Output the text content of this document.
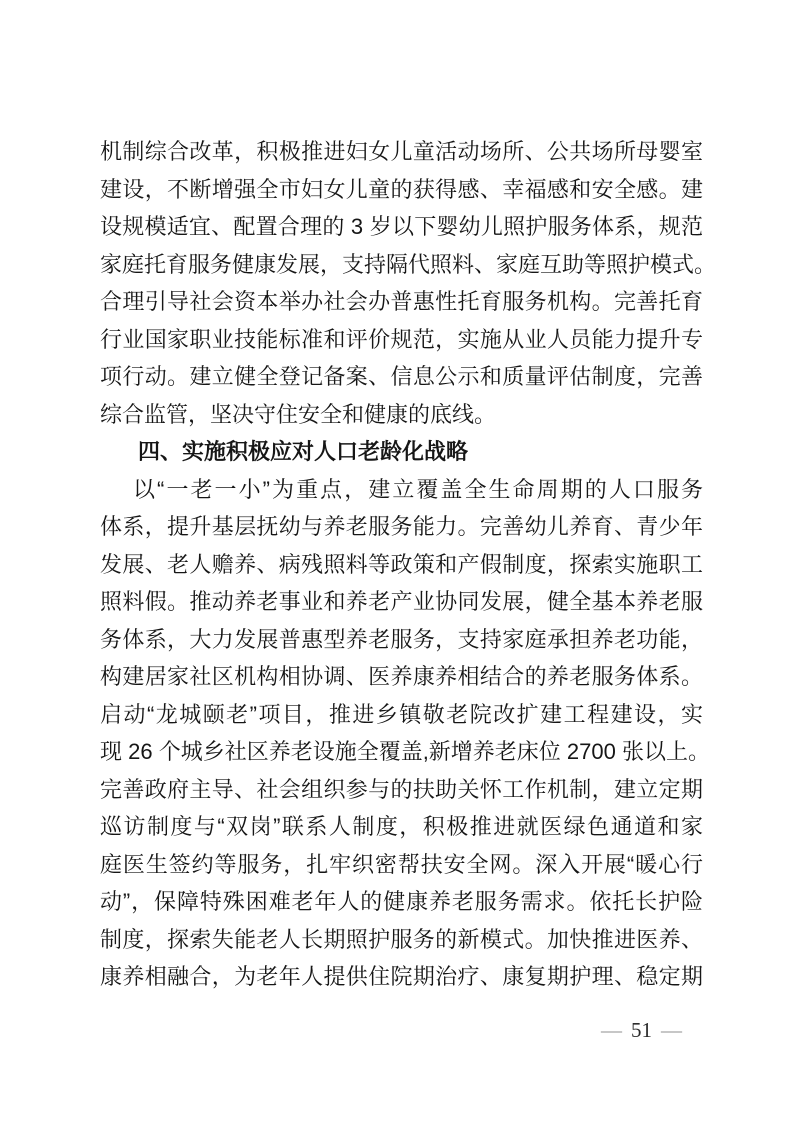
机制综合改革，积极推进妇女儿童活动场所、公共场所母婴室
建设，不断增强全市妇女儿童的获得感、幸福感和安全感。建
设规模适宜、配置合理的 3 岁以下婴幼儿照护服务体系，规范
家庭托育服务健康发展，支持隔代照料、家庭互助等照护模式。
合理引导社会资本举办社会办普惠性托育服务机构。完善托育
行业国家职业技能标准和评价规范，实施从业人员能力提升专
项行动。建立健全登记备案、信息公示和质量评估制度，完善
综合监管，坚决守住安全和健康的底线。
四、实施积极应对人口老龄化战略
以“一老一小”为重点，建立覆盖全生命周期的人口服务
体系，提升基层抚幼与养老服务能力。完善幼儿养育、青少年
发展、老人赡养、病残照料等政策和产假制度，探索实施职工
照料假。推动养老事业和养老产业协同发展，健全基本养老服
务体系，大力发展普惠型养老服务，支持家庭承担养老功能，
构建居家社区机构相协调、医养康养相结合的养老服务体系。
启动“龙城颐老”项目，推进乡镇敬老院改扩建工程建设，实
现 26 个城乡社区养老设施全覆盖,新增养老床位 2700 张以上。
完善政府主导、社会组织参与的扶助关怀工作机制，建立定期
巡访制度与“双岗”联系人制度，积极推进就医绿色通道和家
庭医生签约等服务，扎牢织密帮扶安全网。深入开展“暖心行
动”，保障特殊困难老年人的健康养老服务需求。依托长护险
制度，探索失能老人长期照护服务的新模式。加快推进医养、
康养相融合，为老年人提供住院期治疗、康复期护理、稳定期
— 51 —
